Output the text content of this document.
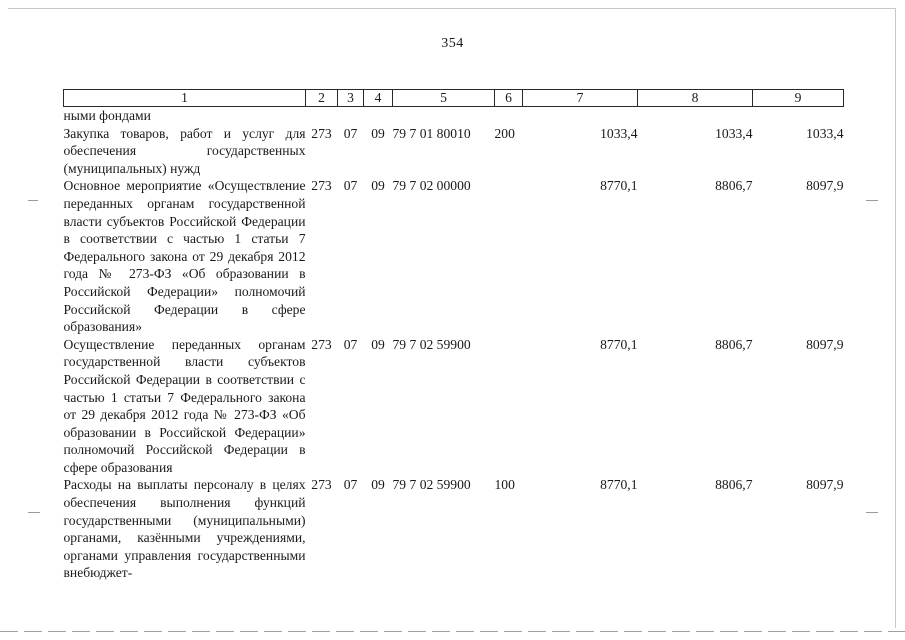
354
1	2	3	4	5	6	7	8	9
ными фондами								
Закупка товаров, работ и услуг для обеспечения государственных (муниципальных) нужд	273	07	09	79 7 01 80010	200	1033,4	1033,4	1033,4
Основное мероприятие «Осуществление переданных органам государственной власти субъектов Российской Федерации в соответствии с частью 1 статьи 7 Федерального закона от 29 декабря 2012 года № 273-ФЗ «Об образовании в Российской Федерации» полномочий Российской Федерации в сфере образования»	273	07	09	79 7 02 00000		8770,1	8806,7	8097,9
Осуществление переданных органам государственной власти субъектов Российской Федерации в соответствии с частью 1 статьи 7 Федерального закона от 29 декабря 2012 года № 273-ФЗ «Об образовании в Российской Федерации» полномочий Российской Федерации в сфере образования	273	07	09	79 7 02 59900		8770,1	8806,7	8097,9
Расходы на выплаты персоналу в целях обеспечения выполнения функций государственными (муниципальными) органами, казёнными учреждениями, органами управления государственными внебюджет-	273	07	09	79 7 02 59900	100	8770,1	8806,7	8097,9
